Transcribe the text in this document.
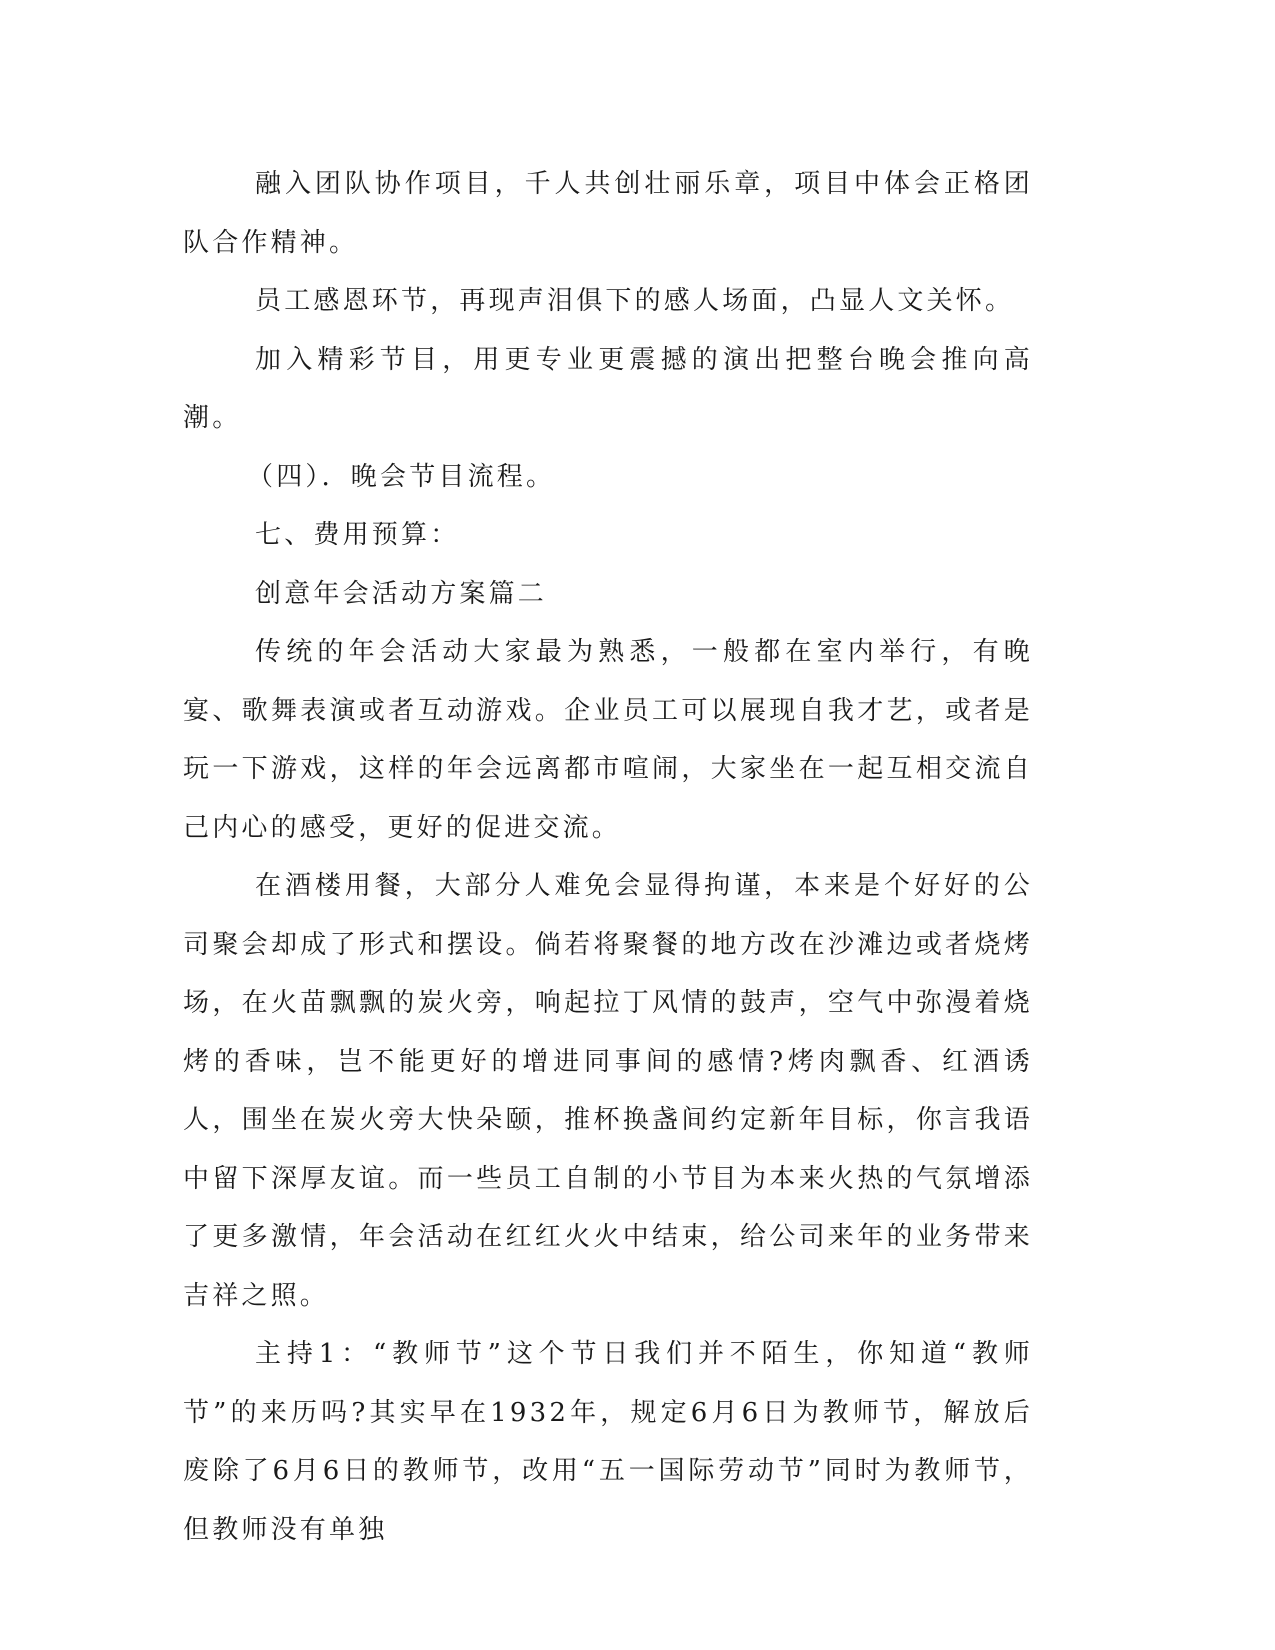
融入团队协作项目，千人共创壮丽乐章，项目中体会正格团队合作精神。

员工感恩环节，再现声泪俱下的感人场面，凸显人文关怀。

加入精彩节目，用更专业更震撼的演出把整台晚会推向高潮。

（四）．晚会节目流程。

七、费用预算：

创意年会活动方案篇二

传统的年会活动大家最为熟悉，一般都在室内举行，有晚宴、歌舞表演或者互动游戏。企业员工可以展现自我才艺，或者是玩一下游戏，这样的年会远离都市喧闹，大家坐在一起互相交流自己内心的感受，更好的促进交流。

在酒楼用餐，大部分人难免会显得拘谨，本来是个好好的公司聚会却成了形式和摆设。倘若将聚餐的地方改在沙滩边或者烧烤场，在火苗飘飘的炭火旁，响起拉丁风情的鼓声，空气中弥漫着烧烤的香味，岂不能更好的增进同事间的感情?烤肉飘香、红酒诱人，围坐在炭火旁大快朵颐，推杯换盏间约定新年目标，你言我语中留下深厚友谊。而一些员工自制的小节目为本来火热的气氛增添了更多激情，年会活动在红红火火中结束，给公司来年的业务带来吉祥之照。

主持1：“教师节”这个节日我们并不陌生，你知道“教师节”的来历吗?其实早在1932年，规定6月6日为教师节，解放后废除了6月6日的教师节，改用“五一国际劳动节”同时为教师节，但教师没有单独
